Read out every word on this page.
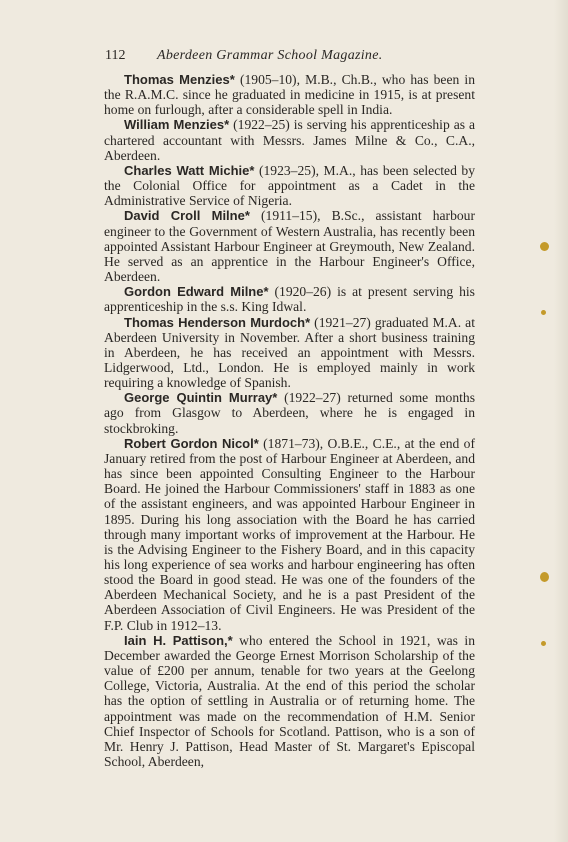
112 Aberdeen Grammar School Magazine.

Thomas Menzies* (1905–10), M.B., Ch.B., who has been in the R.A.M.C. since he graduated in medicine in 1915, is at present home on furlough, after a considerable spell in India.

William Menzies* (1922–25) is serving his apprenticeship as a chartered accountant with Messrs. James Milne & Co., C.A., Aberdeen.

Charles Watt Michie* (1923–25), M.A., has been selected by the Colonial Office for appointment as a Cadet in the Administrative Service of Nigeria.

David Croll Milne* (1911–15), B.Sc., assistant harbour engineer to the Government of Western Australia, has recently been appointed Assistant Harbour Engineer at Greymouth, New Zealand. He served as an apprentice in the Harbour Engineer's Office, Aberdeen.

Gordon Edward Milne* (1920–26) is at present serving his apprenticeship in the s.s. King Idwal.

Thomas Henderson Murdoch* (1921–27) graduated M.A. at Aberdeen University in November. After a short business training in Aberdeen, he has received an appointment with Messrs. Lidgerwood, Ltd., London. He is employed mainly in work requiring a knowledge of Spanish.

George Quintin Murray* (1922–27) returned some months ago from Glasgow to Aberdeen, where he is engaged in stockbroking.

Robert Gordon Nicol* (1871–73), O.B.E., C.E., at the end of January retired from the post of Harbour Engineer at Aberdeen, and has since been appointed Consulting Engineer to the Harbour Board. He joined the Harbour Commissioners' staff in 1883 as one of the assistant engineers, and was appointed Harbour Engineer in 1895. During his long association with the Board he has carried through many important works of improvement at the Harbour. He is the Advising Engineer to the Fishery Board, and in this capacity his long experience of sea works and harbour engineering has often stood the Board in good stead. He was one of the founders of the Aberdeen Mechanical Society, and he is a past President of the Aberdeen Association of Civil Engineers. He was President of the F.P. Club in 1912–13.

Iain H. Pattison,* who entered the School in 1921, was in December awarded the George Ernest Morrison Scholarship of the value of £200 per annum, tenable for two years at the Geelong College, Victoria, Australia. At the end of this period the scholar has the option of settling in Australia or of returning home. The appointment was made on the recommendation of H.M. Senior Chief Inspector of Schools for Scotland. Pattison, who is a son of Mr. Henry J. Pattison, Head Master of St. Margaret's Episcopal School, Aberdeen,
